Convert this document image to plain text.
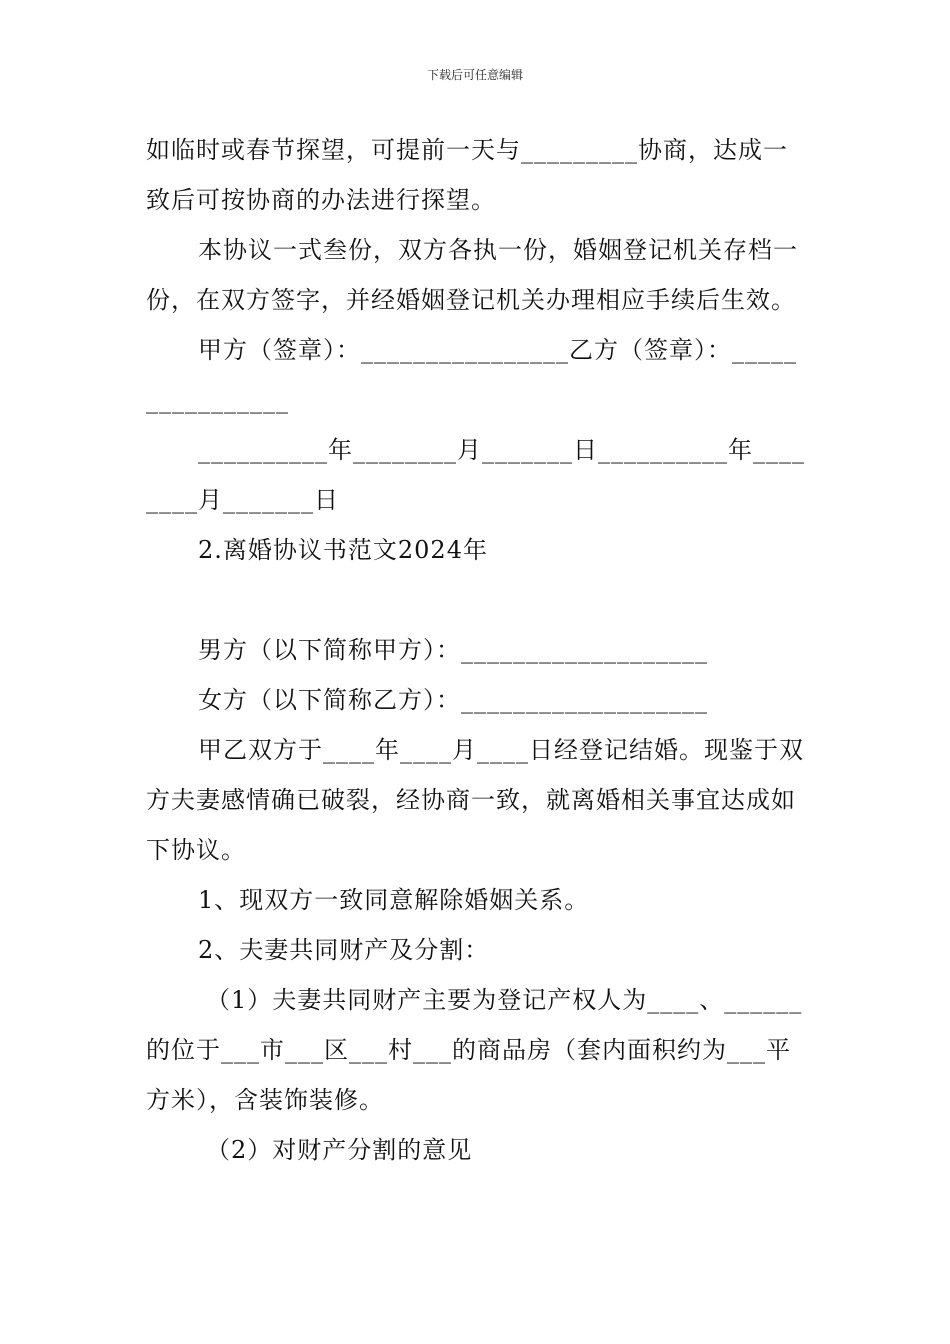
下载后可任意编辑

如临时或春节探望，可提前一天与_________协商，达成一致后可按协商的办法进行探望。

本协议一式叁份，双方各执一份，婚姻登记机关存档一份，在双方签字，并经婚姻登记机关办理相应手续后生效。

甲方（签章）：________________乙方（签章）：________________

__________年________月_______日__________年________月_______日

2.离婚协议书范文2024年

男方（以下简称甲方）：___________________

女方（以下简称乙方）：___________________

甲乙双方于____年____月____日经登记结婚。现鉴于双方夫妻感情确已破裂，经协商一致，就离婚相关事宜达成如下协议。

1、现双方一致同意解除婚姻关系。

2、夫妻共同财产及分割：

（1）夫妻共同财产主要为登记产权人为____、______的位于___市___区___村___的商品房（套内面积约为___平方米），含装饰装修。

（2）对财产分割的意见
